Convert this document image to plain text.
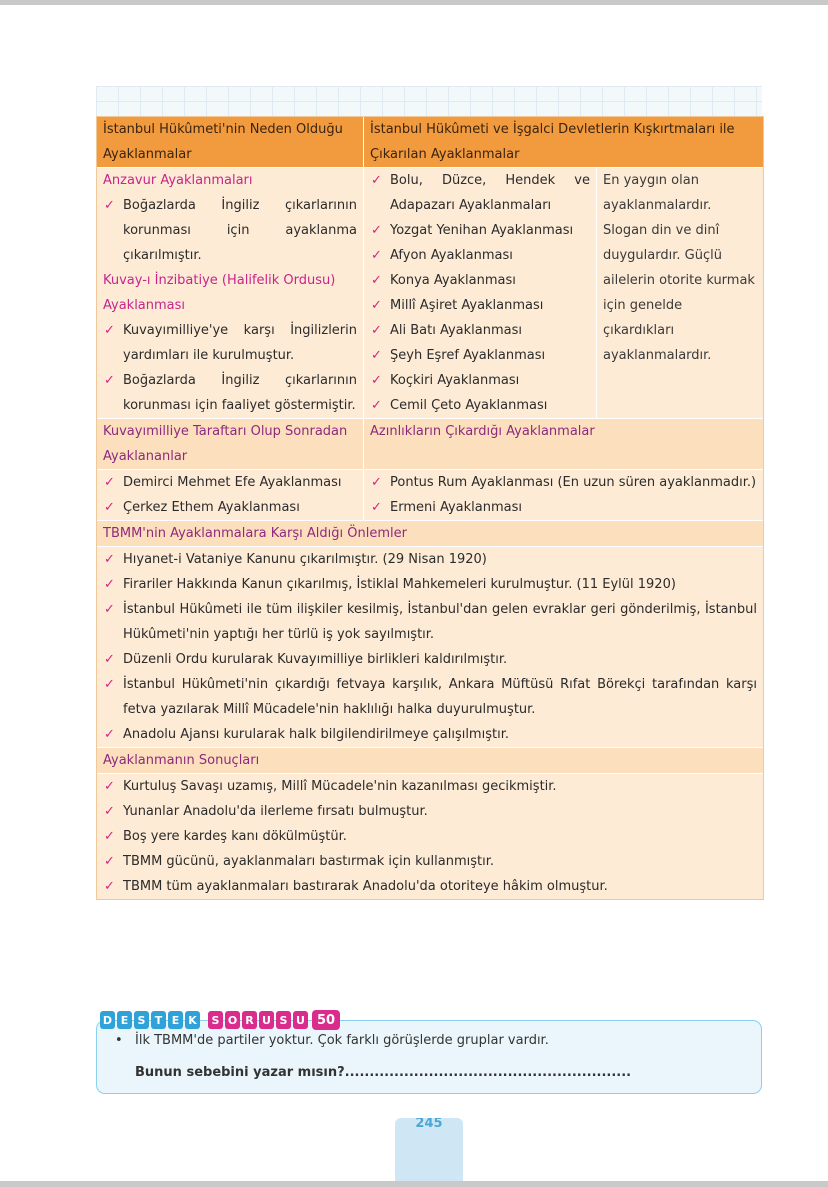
İstanbul Hükûmeti'nin Neden Olduğu Ayaklanmalar
İstanbul Hükûmeti ve İşgalci Devletlerin Kışkırtmaları ile Çıkarılan Ayaklanmalar
Anzavur Ayaklanmaları
✓ Boğazlarda İngiliz çıkarlarının korunması için ayaklanma çıkarılmıştır.
Kuvay-ı İnzibatiye (Halifelik Ordusu) Ayaklanması
✓ Kuvayımilliye'ye karşı İngilizlerin yardımları ile kurulmuştur.
✓ Boğazlarda İngiliz çıkarlarının korunması için faaliyet göstermiştir.
✓ Bolu, Düzce, Hendek ve Adapazarı Ayaklanmaları
✓ Yozgat Yenihan Ayaklanması
✓ Afyon Ayaklanması
✓ Konya Ayaklanması
✓ Millî Aşiret Ayaklanması
✓ Ali Batı Ayaklanması
✓ Şeyh Eşref Ayaklanması
✓ Koçkiri Ayaklanması
✓ Cemil Çeto Ayaklanması
En yaygın olan ayaklanmalardır. Slogan din ve dinî duygulardır. Güçlü ailelerin otorite kurmak için genelde çıkardıkları ayaklanmalardır.
Kuvayımilliye Taraftarı Olup Sonradan Ayaklananlar
Azınlıkların Çıkardığı Ayaklanmalar
✓ Demirci Mehmet Efe Ayaklanması
✓ Çerkez Ethem Ayaklanması
✓ Pontus Rum Ayaklanması (En uzun süren ayaklanmadır.)
✓ Ermeni Ayaklanması
TBMM'nin Ayaklanmalara Karşı Aldığı Önlemler
✓ Hıyanet-i Vataniye Kanunu çıkarılmıştır. (29 Nisan 1920)
✓ Firariler Hakkında Kanun çıkarılmış, İstiklal Mahkemeleri kurulmuştur. (11 Eylül 1920)
✓ İstanbul Hükûmeti ile tüm ilişkiler kesilmiş, İstanbul'dan gelen evraklar geri gönderilmiş, İstanbul Hükûmeti'nin yaptığı her türlü iş yok sayılmıştır.
✓ Düzenli Ordu kurularak Kuvayımilliye birlikleri kaldırılmıştır.
✓ İstanbul Hükûmeti'nin çıkardığı fetvaya karşılık, Ankara Müftüsü Rıfat Börekçi tarafından karşı fetva yazılarak Millî Mücadele'nin haklılığı halka duyurulmuştur.
✓ Anadolu Ajansı kurularak halk bilgilendirilmeye çalışılmıştır.
Ayaklanmanın Sonuçları
✓ Kurtuluş Savaşı uzamış, Millî Mücadele'nin kazanılması gecikmiştir.
✓ Yunanlar Anadolu'da ilerleme fırsatı bulmuştur.
✓ Boş yere kardeş kanı dökülmüştür.
✓ TBMM gücünü, ayaklanmaları bastırmak için kullanmıştır.
✓ TBMM tüm ayaklanmaları bastırarak Anadolu'da otoriteye hâkim olmuştur.
D E S T E K	S O R U S U 50
• İlk TBMM'de partiler yoktur. Çok farklı görüşlerde gruplar vardır.
Bunun sebebini yazar mısın?..........................................................
245
